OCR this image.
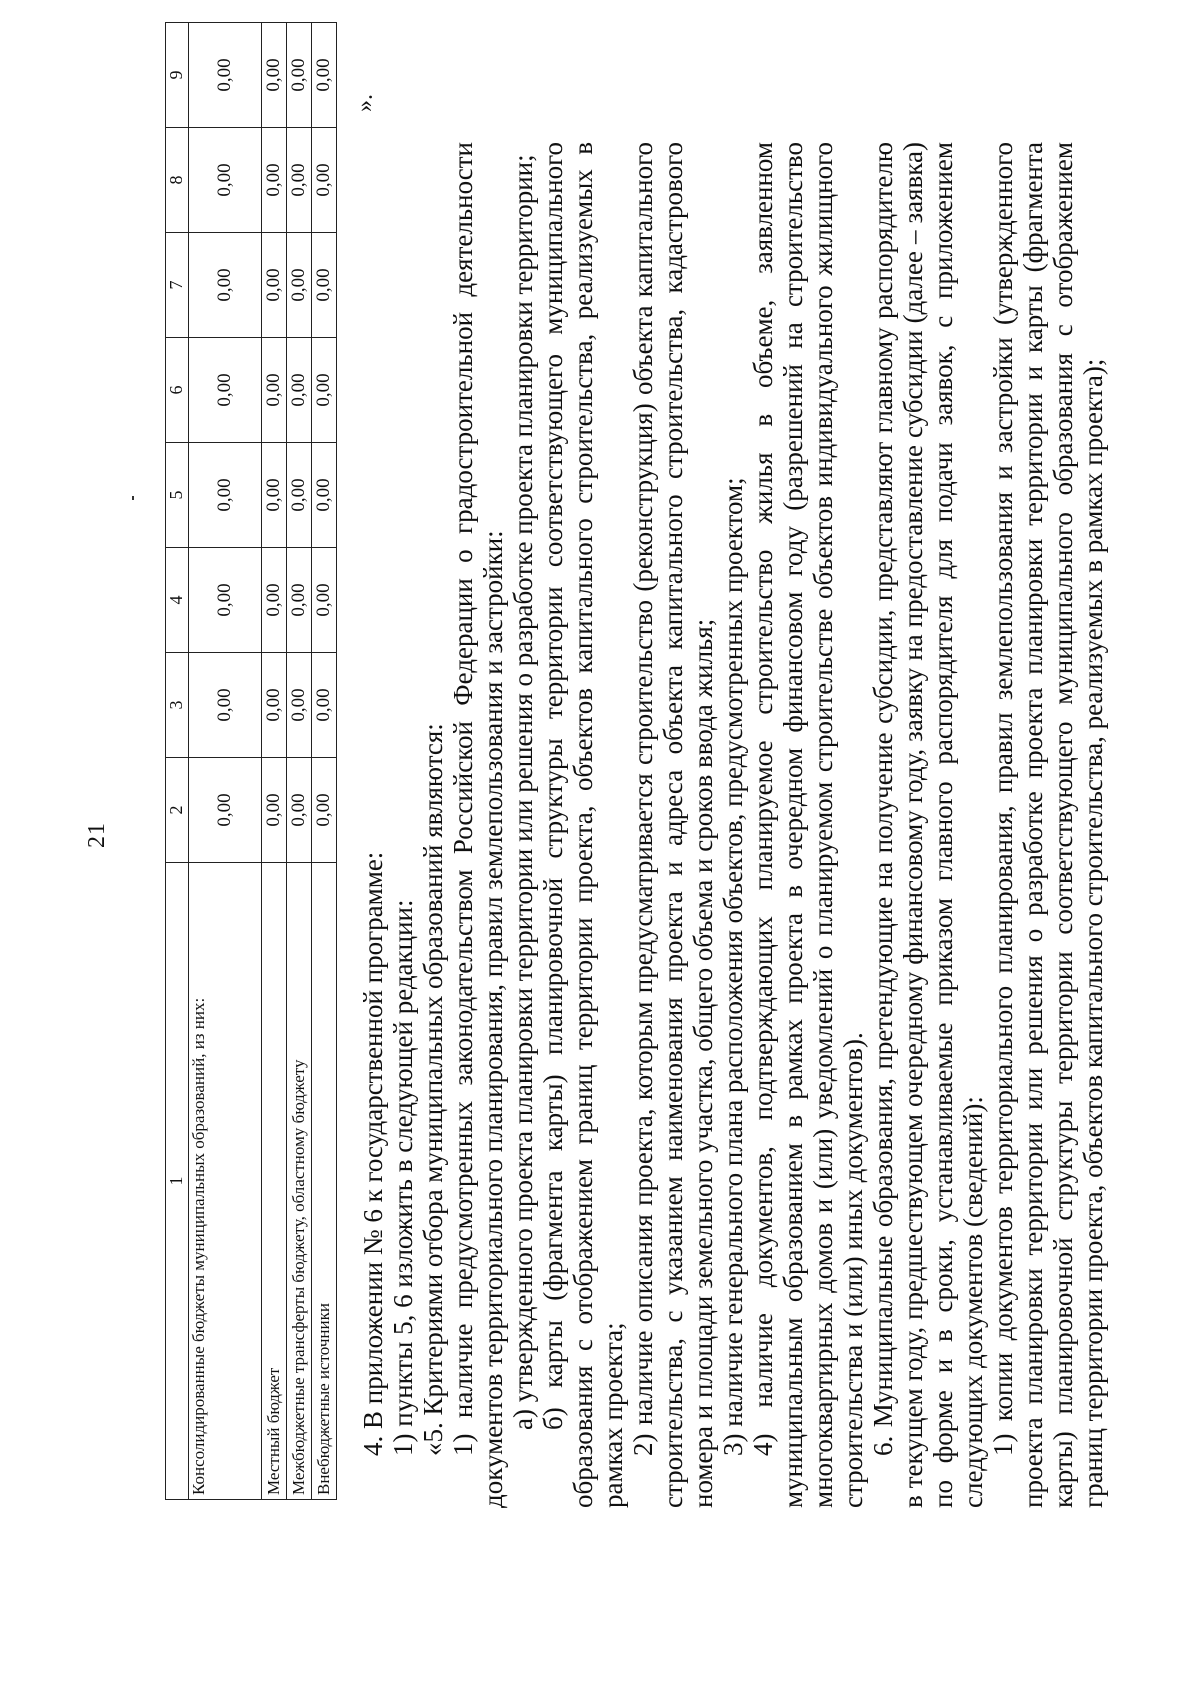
21
1	2	3	4	5	6	7	8	9
Консолидированные бюджеты муниципальных образований, из них:	0,00	0,00	0,00	0,00	0,00	0,00	0,00	0,00
Местный бюджет	0,00	0,00	0,00	0,00	0,00	0,00	0,00	0,00
Межбюджетные трансферты бюджету, областному бюджету	0,00	0,00	0,00	0,00	0,00	0,00	0,00	0,00
Внебюджетные источники	0,00	0,00	0,00	0,00	0,00	0,00	0,00	0,00
».

4. В приложении № 6 к государственной программе: 1) пункты 5, 6 изложить в следующей редакции: «5. Критериями отбора муниципальных образований являются: 1) наличие предусмотренных законодательством Российской Федерации о градостроительной деятельности документов территориального планирования, правил землепользования и застройки: а) утвержденного проекта планировки территории или решения о разработке проекта планировки территории; б) карты (фрагмента карты) планировочной структуры территории соответствующего муниципального образования с отображением границ территории проекта, объектов капитального строительства, реализуемых в рамках проекта; 2) наличие описания проекта, которым предусматривается строительство (реконструкция) объекта капитального строительства, с указанием наименования проекта и адреса объекта капитального строительства, кадастрового номера и площади земельного участка, общего объема и сроков ввода жилья; 3) наличие генерального плана расположения объектов, предусмотренных проектом; 4) наличие документов, подтверждающих планируемое строительство жилья в объеме, заявленном муниципальным образованием в рамках проекта в очередном финансовом году (разрешений на строительство многоквартирных домов и (или) уведомлений о планируемом строительстве объектов индивидуального жилищного строительства и (или) иных документов). 6. Муниципальные образования, претендующие на получение субсидии, представляют главному распорядителю в текущем году, предшествующем очередному финансовому году, заявку на предоставление субсидии (далее – заявка) по форме и в сроки, устанавливаемые приказом главного распорядителя для подачи заявок, с приложением следующих документов (сведений): 1) копии документов территориального планирования, правил землепользования и застройки (утвержденного проекта планировки территории или решения о разработке проекта планировки территории и карты (фрагмента карты) планировочной структуры территории соответствующего муниципального образования с отображением границ территории проекта, объектов капитального строительства, реализуемых в рамках проекта);
